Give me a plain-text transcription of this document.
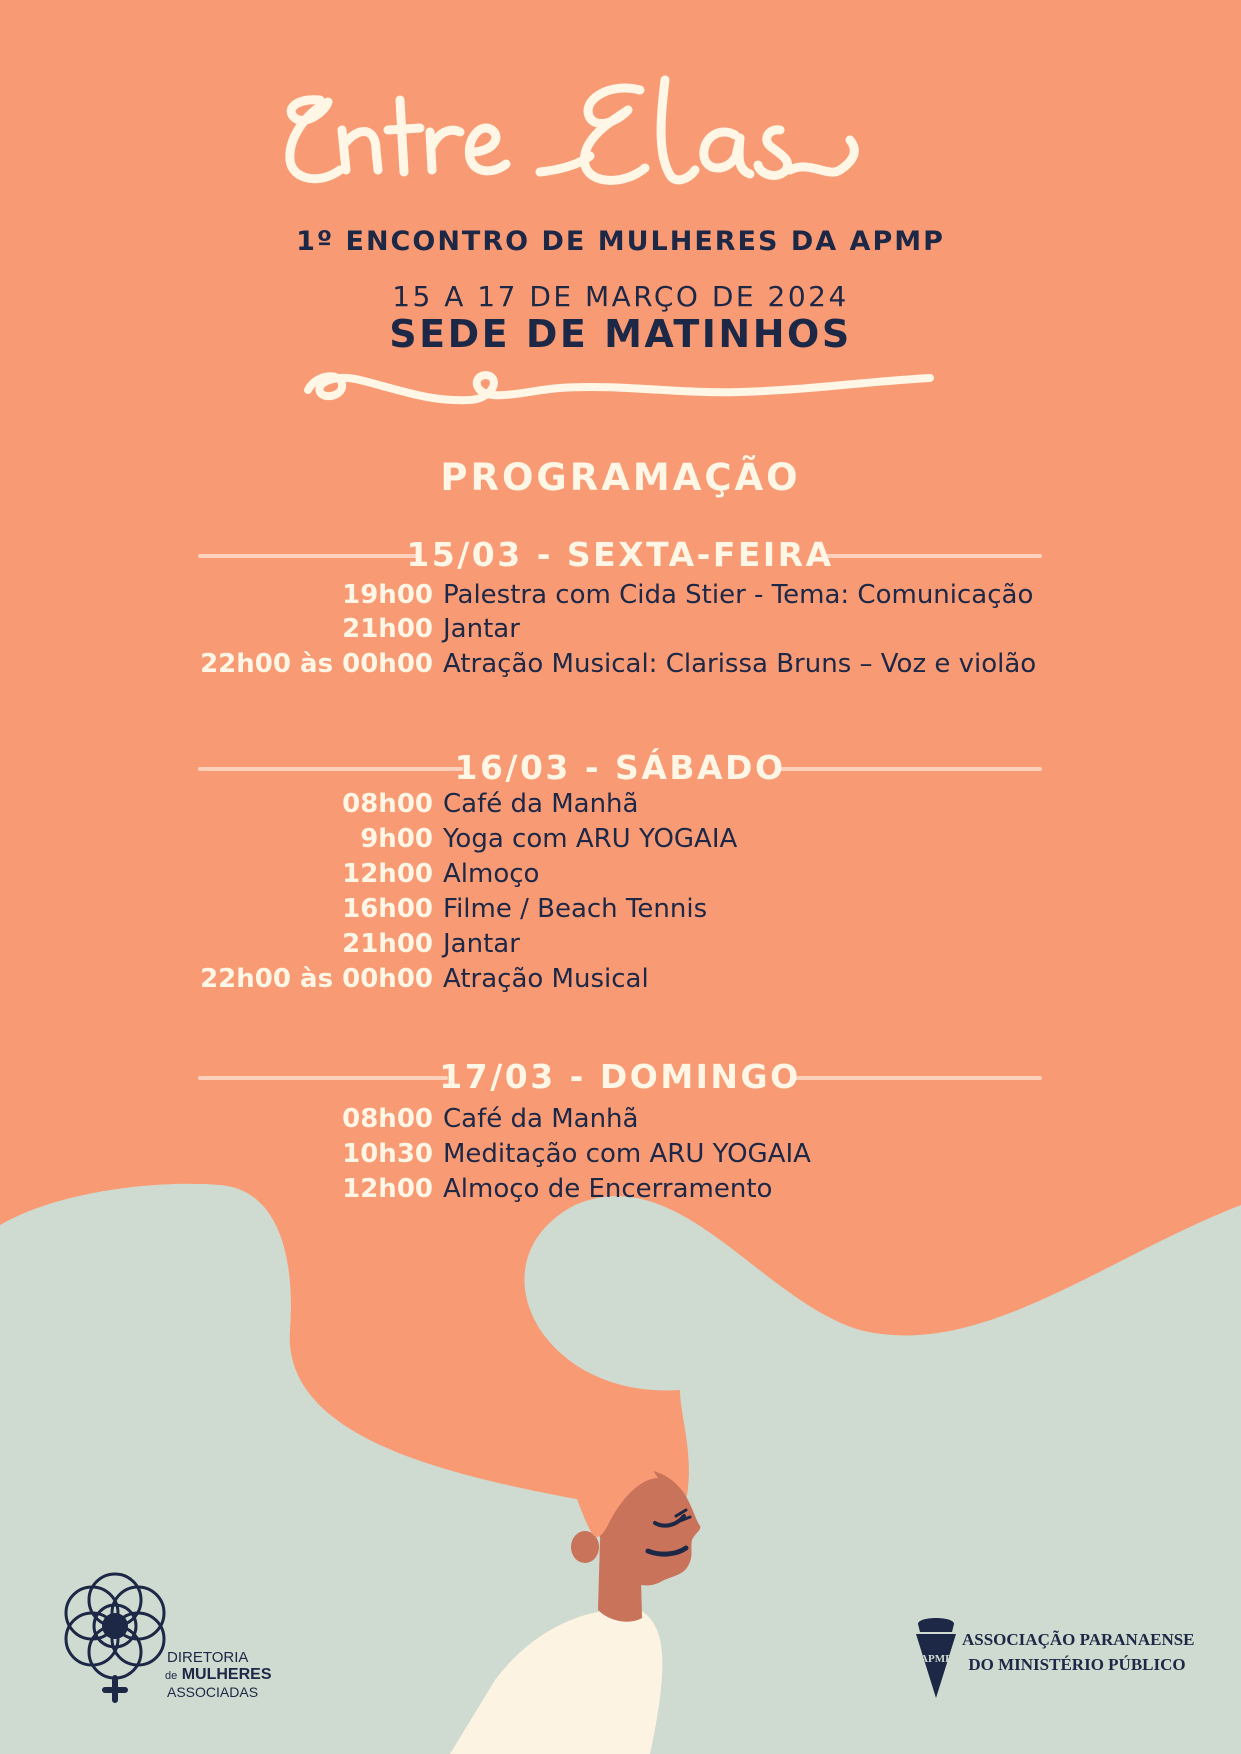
1º ENCONTRO DE MULHERES DA APMP
15 A 17 DE MARÇO DE 2024
SEDE DE MATINHOS
PROGRAMAÇÃO
15/03 - SEXTA-FEIRA
19h00 Palestra com Cida Stier - Tema: Comunicação
21h00 Jantar
22h00 às 00h00 Atração Musical: Clarissa Bruns – Voz e violão
16/03 - SÁBADO
08h00 Café da Manhã
9h00 Yoga com ARU YOGAIA
12h00 Almoço
16h00 Filme / Beach Tennis
21h00 Jantar
22h00 às 00h00 Atração Musical
17/03 - DOMINGO
08h00 Café da Manhã
10h30 Meditação com ARU YOGAIA
12h00 Almoço de Encerramento
DIRETORIA
de MULHERES
ASSOCIADAS
APMP
ASSOCIAÇÃO PARANAENSE
DO MINISTÉRIO PÚBLICO
